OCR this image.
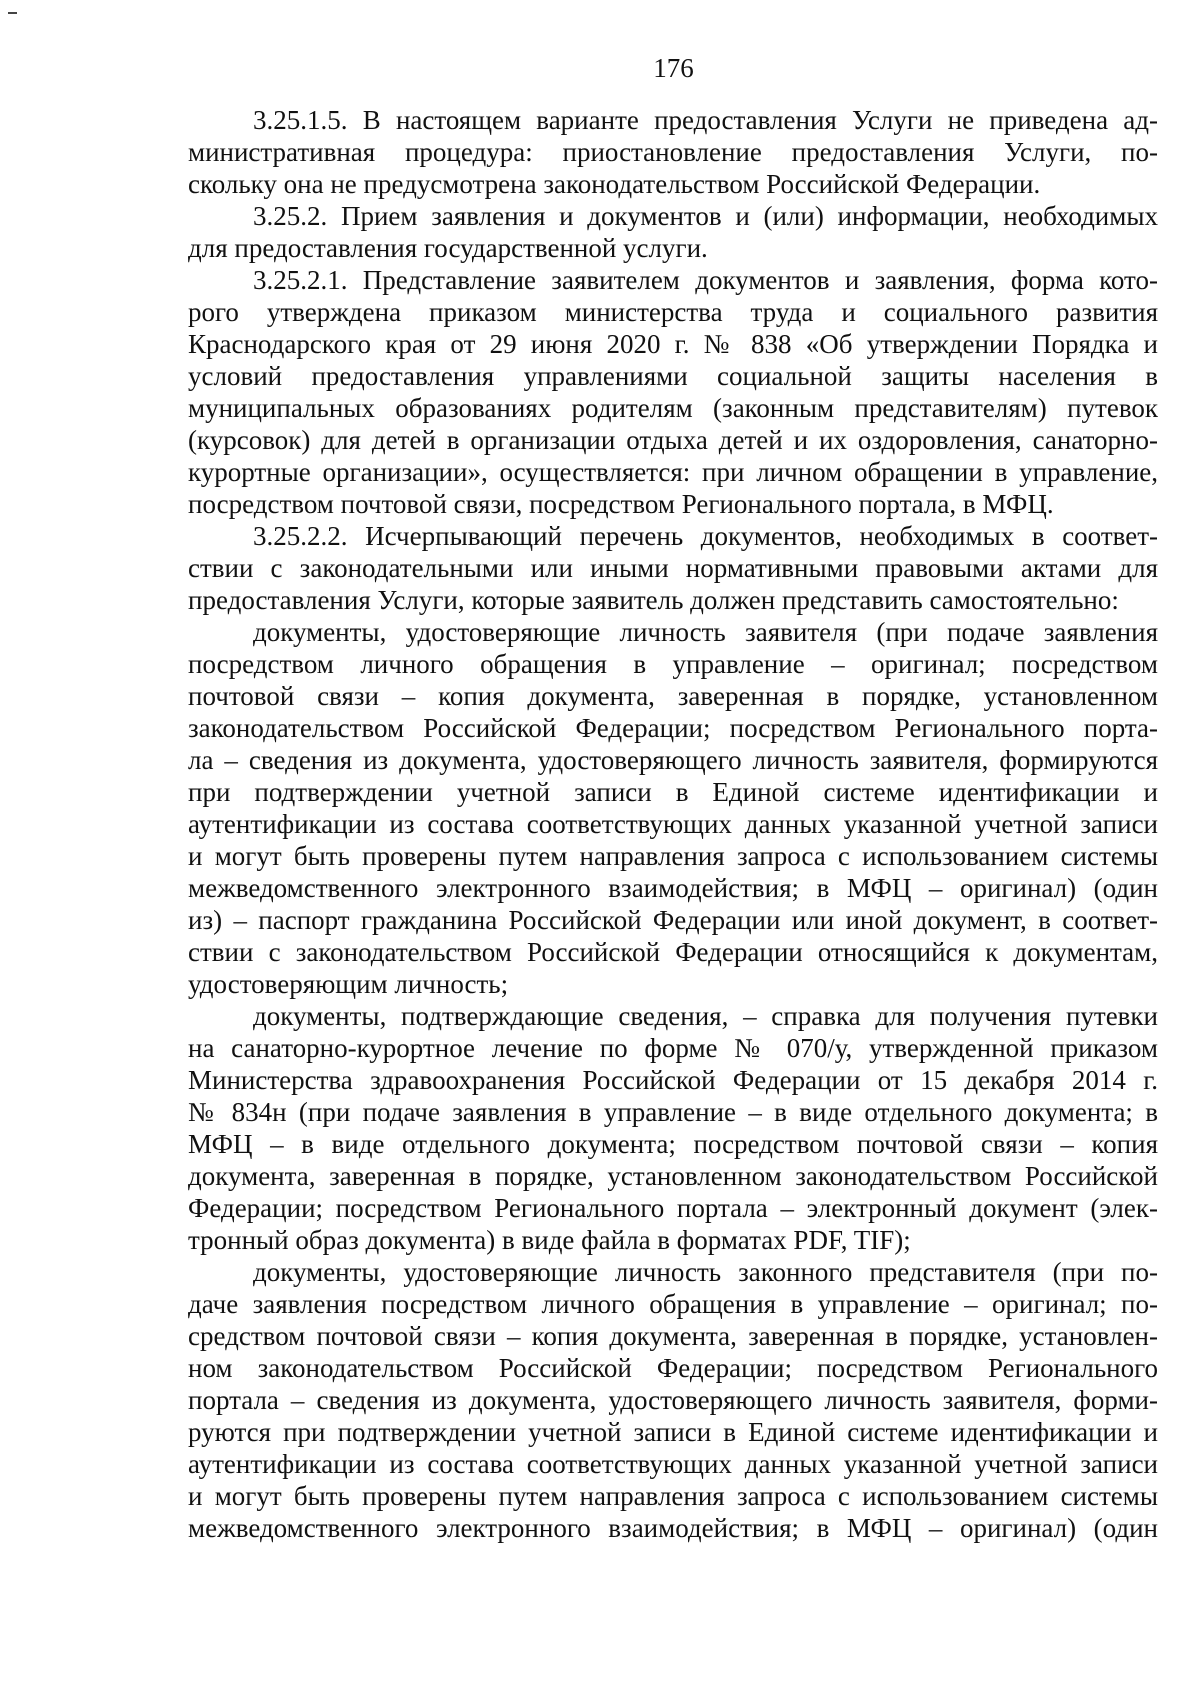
176
3.25.1.5. В настоящем варианте предоставления Услуги не приведена ад-
министративная процедура: приостановление предоставления Услуги, по-
скольку она не предусмотрена законодательством Российской Федерации.
3.25.2. Прием заявления и документов и (или) информации, необходимых
для предоставления государственной услуги.
3.25.2.1. Представление заявителем документов и заявления, форма кото-
рого утверждена приказом министерства труда и социального развития
Краснодарского края от 29 июня 2020 г. № 838 «Об утверждении Порядка и
условий предоставления управлениями социальной защиты населения в
муниципальных образованиях родителям (законным представителям) путевок
(курсовок) для детей в организации отдыха детей и их оздоровления, санаторно-
курортные организации», осуществляется: при личном обращении в управление,
посредством почтовой связи, посредством Регионального портала, в МФЦ.
3.25.2.2. Исчерпывающий перечень документов, необходимых в соответ-
ствии с законодательными или иными нормативными правовыми актами для
предоставления Услуги, которые заявитель должен представить самостоятельно:
документы, удостоверяющие личность заявителя (при подаче заявления
посредством личного обращения в управление – оригинал; посредством
почтовой связи – копия документа, заверенная в порядке, установленном
законодательством Российской Федерации; посредством Регионального порта-
ла – сведения из документа, удостоверяющего личность заявителя, формируются
при подтверждении учетной записи в Единой системе идентификации и
аутентификации из состава соответствующих данных указанной учетной записи
и могут быть проверены путем направления запроса с использованием системы
межведомственного электронного взаимодействия; в МФЦ – оригинал) (один
из) – паспорт гражданина Российской Федерации или иной документ, в соответ-
ствии с законодательством Российской Федерации относящийся к документам,
удостоверяющим личность;
документы, подтверждающие сведения, – справка для получения путевки
на санаторно-курортное лечение по форме № 070/у, утвержденной приказом
Министерства здравоохранения Российской Федерации от 15 декабря 2014 г.
№ 834н (при подаче заявления в управление – в виде отдельного документа; в
МФЦ – в виде отдельного документа; посредством почтовой связи – копия
документа, заверенная в порядке, установленном законодательством Российской
Федерации; посредством Регионального портала – электронный документ (элек-
тронный образ документа) в виде файла в форматах PDF, TIF);
документы, удостоверяющие личность законного представителя (при по-
даче заявления посредством личного обращения в управление – оригинал; по-
средством почтовой связи – копия документа, заверенная в порядке, установлен-
ном законодательством Российской Федерации; посредством Регионального
портала – сведения из документа, удостоверяющего личность заявителя, форми-
руются при подтверждении учетной записи в Единой системе идентификации и
аутентификации из состава соответствующих данных указанной учетной записи
и могут быть проверены путем направления запроса с использованием системы
межведомственного электронного взаимодействия; в МФЦ – оригинал) (один
